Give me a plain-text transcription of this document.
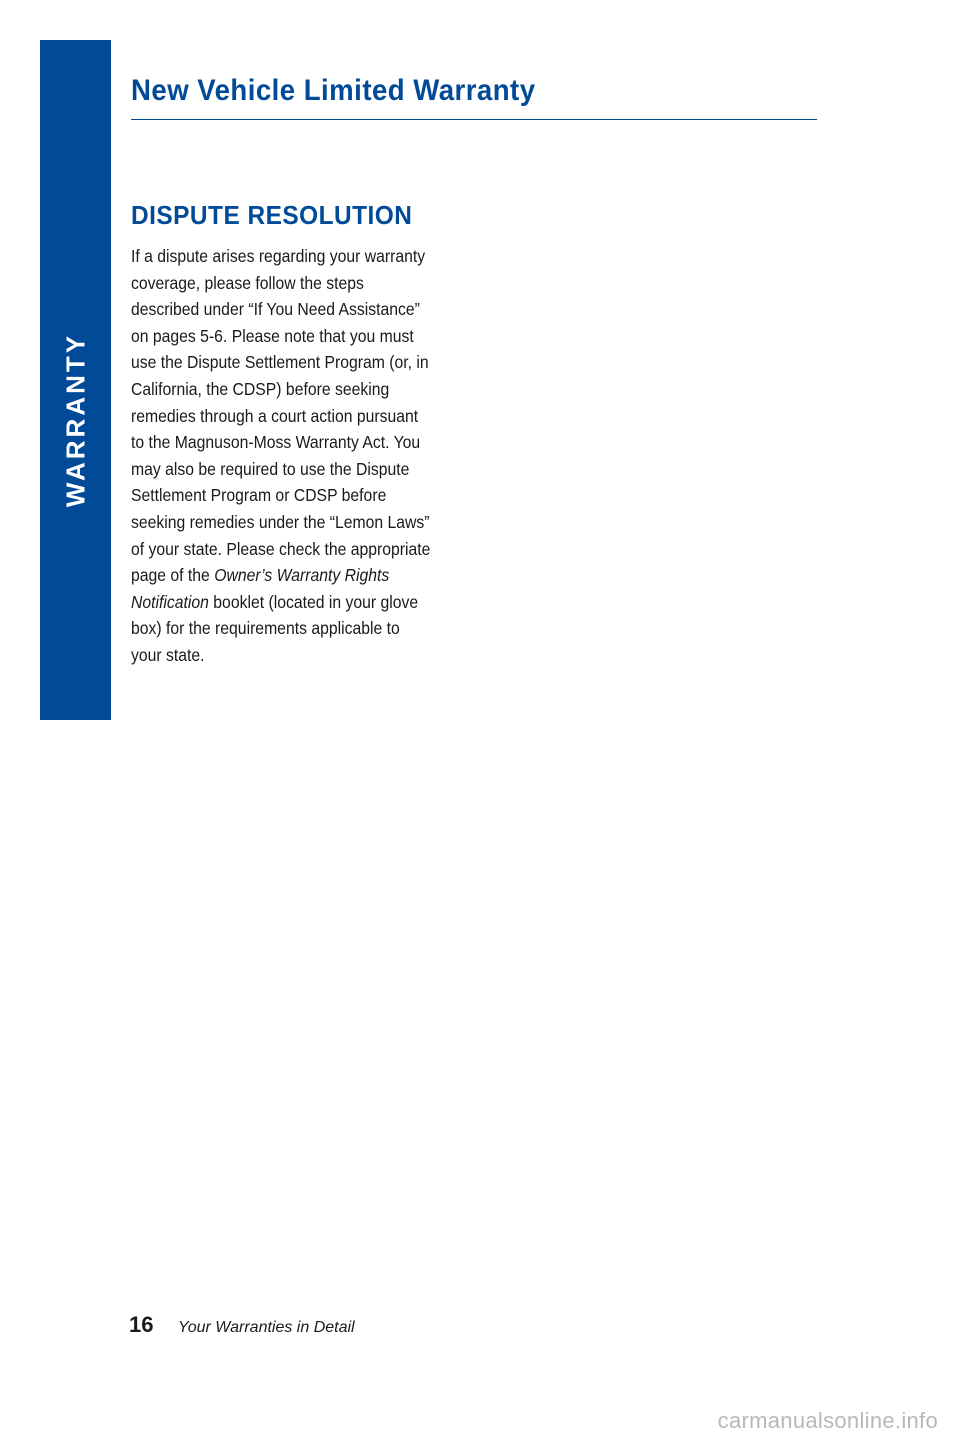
WARRANTY
New Vehicle Limited Warranty
DISPUTE RESOLUTION

If a dispute arises regarding your warranty
coverage, please follow the steps
described under “If You Need Assistance”
on pages 5-6. Please note that you must
use the Dispute Settlement Program (or, in
California, the CDSP) before seeking
remedies through a court action pursuant
to the Magnuson-Moss Warranty Act. You
may also be required to use the Dispute
Settlement Program or CDSP before
seeking remedies under the “Lemon Laws”
of your state. Please check the appropriate
page of the Owner’s Warranty Rights
Notification booklet (located in your glove
box) for the requirements applicable to
your state.

16 Your Warranties in Detail
carmanualsonline.info
